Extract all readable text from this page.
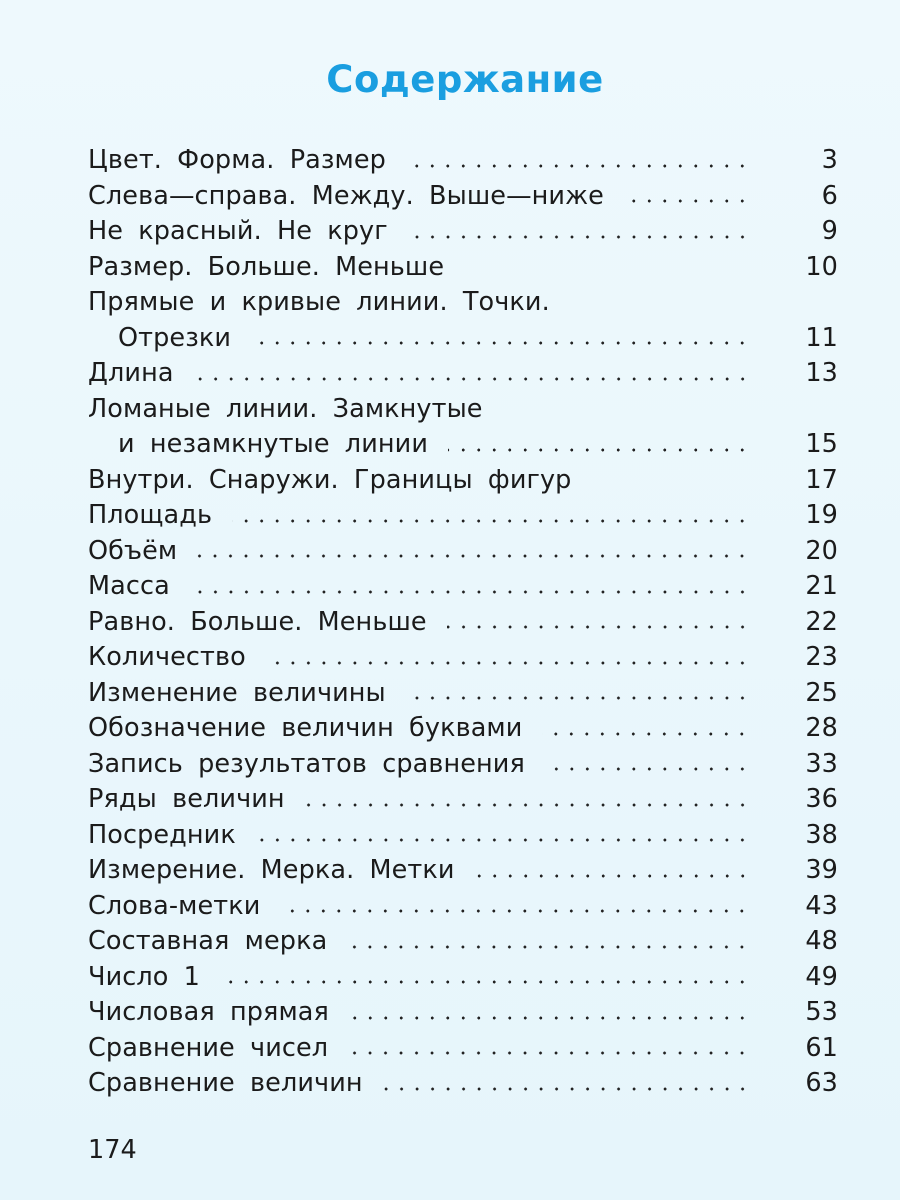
Содержание
Цвет. Форма. Размер	3
Слева—справа. Между. Выше—ниже	6
Не красный. Не круг	9
Размер. Больше. Меньше	10
Прямые и кривые линии. Точки.
Отрезки	11
Длина	13
Ломаные линии. Замкнутые
и незамкнутые линии	15
Внутри. Снаружи. Границы фигур	17
Площадь	19
Объём	20
Масса	21
Равно. Больше. Меньше	22
Количество	23
Изменение величины	25
Обозначение величин буквами	28
Запись результатов сравнения	33
Ряды величин	36
Посредник	38
Измерение. Мерка. Метки	39
Слова-метки	43
Составная мерка	48
Число 1	49
Числовая прямая	53
Сравнение чисел	61
Сравнение величин	63
174
